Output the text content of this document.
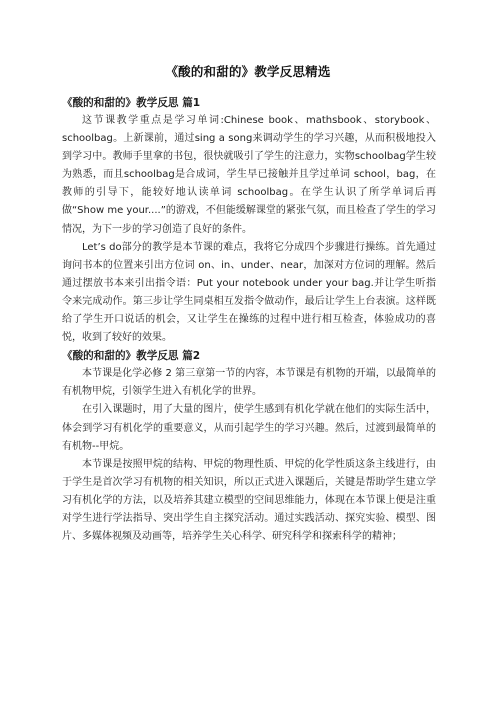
《酸的和甜的》教学反思精选

《酸的和甜的》教学反思 篇1

这节课教学重点是学习单词:Chinese book、mathsbook、storybook、schoolbag。上新课前，通过sing a song来调动学生的学习兴趣，从而积极地投入到学习中。教师手里拿的书包，很快就吸引了学生的注意力，实物schoolbag学生较为熟悉，而且schoolbag是合成词，学生早已接触并且学过单词 school，bag，在教师的引导下，能较好地认读单词 schoolbag。在学生认识了所学单词后再做“Show me your....”的游戏，不但能缓解课堂的紧张气氛，而且检查了学生的学习情况，为下一步的学习创造了良好的条件。

Let’s do部分的教学是本节课的难点，我将它分成四个步骤进行操练。首先通过询问书本的位置来引出方位词 on、in、under、near，加深对方位词的理解。然后通过摆放书本来引出指令语：Put your notebook under your bag.并让学生听指令来完成动作。第三步让学生同桌相互发指令做动作，最后让学生上台表演。这样既给了学生开口说话的机会，又让学生在操练的过程中进行相互检查，体验成功的喜悦，收到了较好的效果。

《酸的和甜的》教学反思 篇2

本节课是化学必修 2 第三章第一节的内容，本节课是有机物的开端，以最简单的有机物甲烷，引领学生进入有机化学的世界。

在引入课题时，用了大量的图片，使学生感到有机化学就在他们的实际生活中，体会到学习有机化学的重要意义，从而引起学生的学习兴趣。然后，过渡到最简单的有机物--甲烷。

本节课是按照甲烷的结构、甲烷的物理性质、甲烷的化学性质这条主线进行，由于学生是首次学习有机物的相关知识，所以正式进入课题后，关键是帮助学生建立学习有机化学的方法，以及培养其建立模型的空间思维能力，体现在本节课上便是注重对学生进行学法指导、突出学生自主探究活动。通过实践活动、探究实验、模型、图片、多媒体视频及动画等，培养学生关心科学、研究科学和探索科学的精神；
